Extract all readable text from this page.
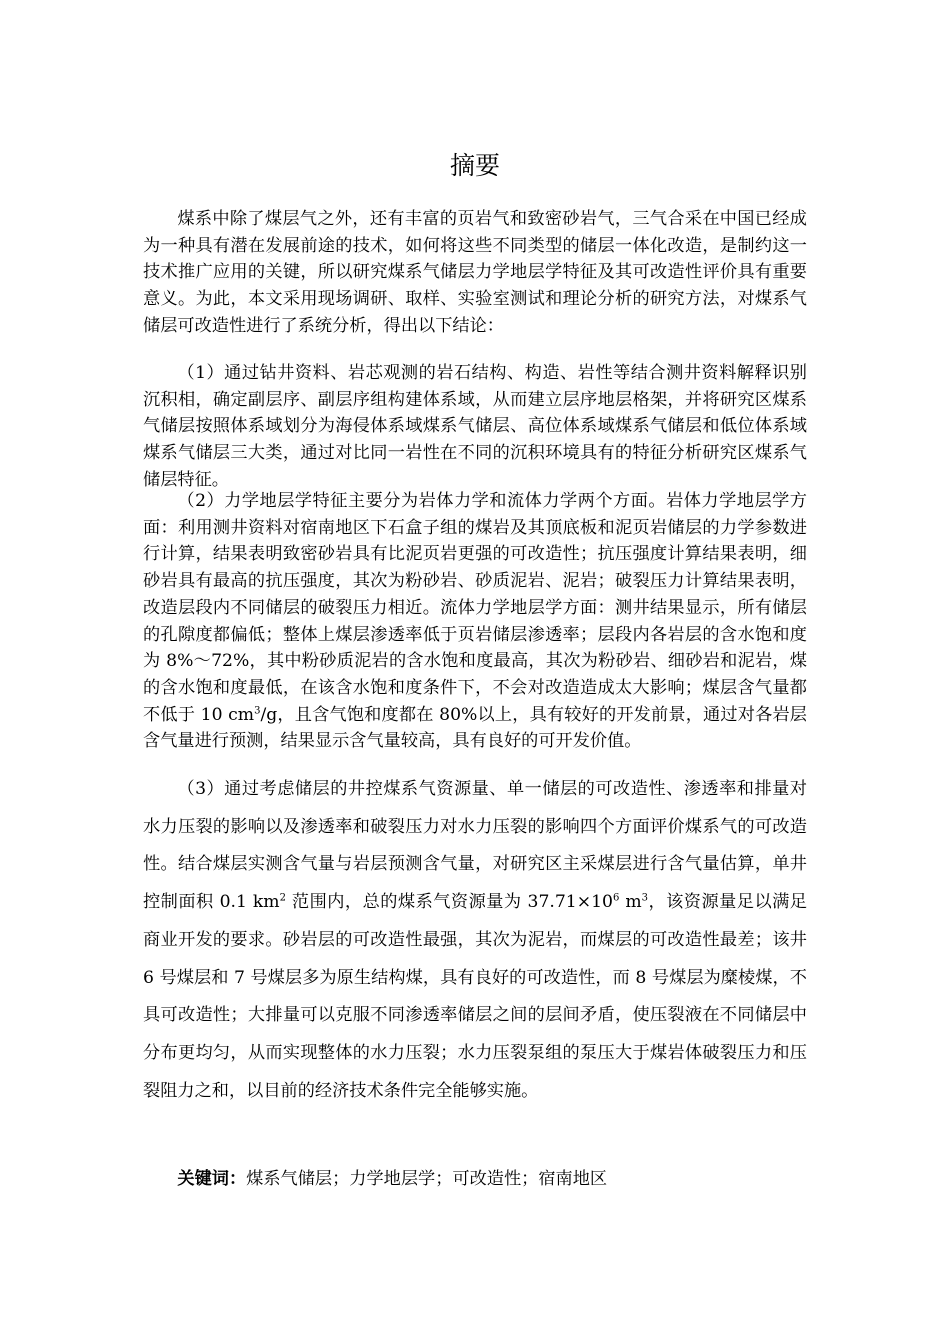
摘要

煤系中除了煤层气之外，还有丰富的页岩气和致密砂岩气，三气合采在中国已经成为一种具有潜在发展前途的技术，如何将这些不同类型的储层一体化改造，是制约这一技术推广应用的关键，所以研究煤系气储层力学地层学特征及其可改造性评价具有重要意义。为此，本文采用现场调研、取样、实验室测试和理论分析的研究方法，对煤系气储层可改造性进行了系统分析，得出以下结论：

（1）通过钻井资料、岩芯观测的岩石结构、构造、岩性等结合测井资料解释识别沉积相，确定副层序、副层序组构建体系域，从而建立层序地层格架，并将研究区煤系气储层按照体系域划分为海侵体系域煤系气储层、高位体系域煤系气储层和低位体系域煤系气储层三大类，通过对比同一岩性在不同的沉积环境具有的特征分析研究区煤系气储层特征。

（2）力学地层学特征主要分为岩体力学和流体力学两个方面。岩体力学地层学方面：利用测井资料对宿南地区下石盒子组的煤岩及其顶底板和泥页岩储层的力学参数进行计算，结果表明致密砂岩具有比泥页岩更强的可改造性；抗压强度计算结果表明，细砂岩具有最高的抗压强度，其次为粉砂岩、砂质泥岩、泥岩；破裂压力计算结果表明，改造层段内不同储层的破裂压力相近。流体力学地层学方面：测井结果显示，所有储层的孔隙度都偏低；整体上煤层渗透率低于页岩储层渗透率；层段内各岩层的含水饱和度为 8%～72%，其中粉砂质泥岩的含水饱和度最高，其次为粉砂岩、细砂岩和泥岩，煤的含水饱和度最低，在该含水饱和度条件下，不会对改造造成太大影响；煤层含气量都不低于 10 $cm^3/g$，且含气饱和度都在 80%以上，具有较好的开发前景，通过对各岩层含气量进行预测，结果显示含气量较高，具有良好的可开发价值。

（3）通过考虑储层的井控煤系气资源量、单一储层的可改造性、渗透率和排量对水力压裂的影响以及渗透率和破裂压力对水力压裂的影响四个方面评价煤系气的可改造性。结合煤层实测含气量与岩层预测含气量，对研究区主采煤层进行含气量估算，单井控制面积 0.1 $km^2$ 范围内，总的煤系气资源量为 $37.71\times 10^6$ $m^3$，该资源量足以满足商业开发的要求。砂岩层的可改造性最强，其次为泥岩，而煤层的可改造性最差；该井 6 号煤层和 7 号煤层多为原生结构煤，具有良好的可改造性，而 8 号煤层为糜棱煤，不具可改造性；大排量可以克服不同渗透率储层之间的层间矛盾，使压裂液在不同储层中分布更均匀，从而实现整体的水力压裂；水力压裂泵组的泵压大于煤岩体破裂压力和压裂阻力之和，以目前的经济技术条件完全能够实施。

关键词：煤系气储层；力学地层学；可改造性；宿南地区
